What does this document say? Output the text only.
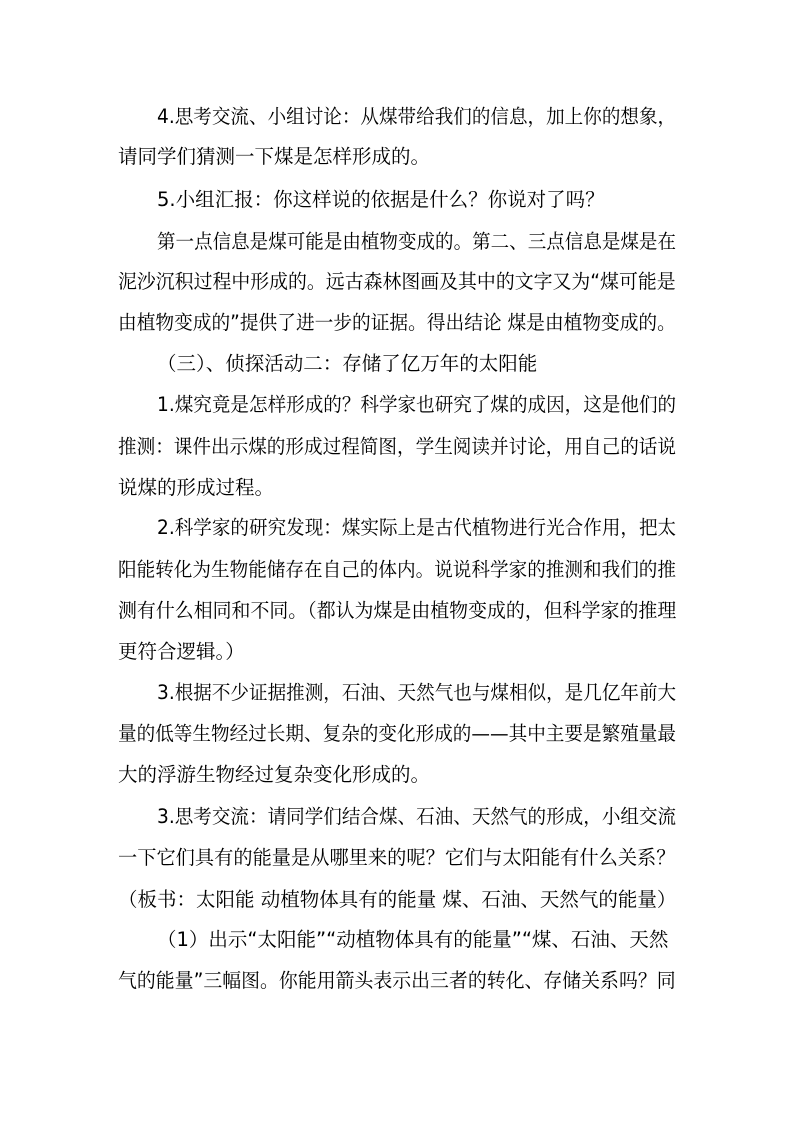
4.思考交流、小组讨论：从煤带给我们的信息，加上你的想象，
请同学们猜测一下煤是怎样形成的。
5.小组汇报：你这样说的依据是什么？你说对了吗？
第一点信息是煤可能是由植物变成的。第二、三点信息是煤是在
泥沙沉积过程中形成的。远古森林图画及其中的文字又为“煤可能是
由植物变成的”提供了进一步的证据。得出结论 煤是由植物变成的。
（三）、侦探活动二：存储了亿万年的太阳能
1.煤究竟是怎样形成的？科学家也研究了煤的成因，这是他们的
推测：课件出示煤的形成过程简图，学生阅读并讨论，用自己的话说
说煤的形成过程。
2.科学家的研究发现：煤实际上是古代植物进行光合作用，把太
阳能转化为生物能储存在自己的体内。说说科学家的推测和我们的推
测有什么相同和不同。（都认为煤是由植物变成的，但科学家的推理
更符合逻辑。）
3.根据不少证据推测，石油、天然气也与煤相似，是几亿年前大
量的低等生物经过长期、复杂的变化形成的——其中主要是繁殖量最
大的浮游生物经过复杂变化形成的。
3.思考交流：请同学们结合煤、石油、天然气的形成，小组交流
一下它们具有的能量是从哪里来的呢？它们与太阳能有什么关系？
（板书：太阳能 动植物体具有的能量 煤、石油、天然气的能量）
（1）出示“太阳能”“动植物体具有的能量”“煤、石油、天然
气的能量”三幅图。你能用箭头表示出三者的转化、存储关系吗？同
